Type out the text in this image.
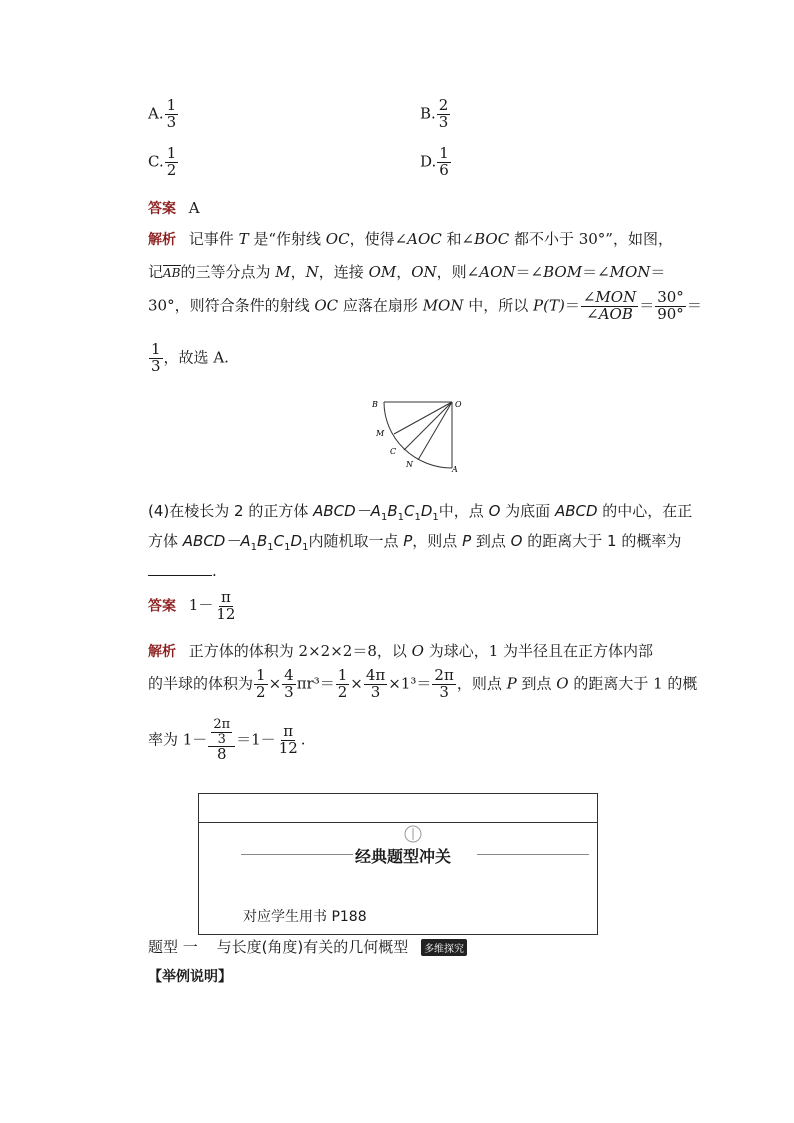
A. $\frac{1}{3}$	B. $\frac{2}{3}$
C. $\frac{1}{2}$	D. $\frac{1}{6}$
答案 A
解析 记事件 T 是“作射线 OC，使得∠AOC 和∠BOC 都不小于 30°”，如图，
记AB的三等分点为 M，N，连接 OM，ON，则∠AON＝∠BOM＝∠MON＝
30°，则符合条件的射线 OC 应落在扇形 MON 中，所以 $P(T)= \frac{\text{∠MON}}{\text{∠AOB}} = \frac{30^\circ}{90^\circ}$ ＝
$\frac{1}{3}$ ，故选 A.
B	O
M
C
N
A
(4)在棱长为 2 的正方体 $ABCD-A_1B_1C_1D_1$中，点 O 为底面 ABCD 的中心，在正
方体 $ABCD-A_1B_1C_1D_1$内随机取一点 P，则点 P 到点 O 的距离大于 1 的概率为
.
答案 $1- \frac{\pi}{12}$
解析 正方体的体积为 2×2×2＝8，以 O 为球心，1 为半径且在正方体内部
的半球的体积为 $\frac{1}{2} \times \frac{4}{3} \pi r^3= \frac{1}{2} \times \frac{4\pi}{3} \times 1^3= \frac{2\pi}{3}$ ，则点 P 到点 O 的距离大于 1 的概
率为 $1- \frac{\frac{2\pi}{3}}{8} =1- \frac{\pi}{12}$ .
经典题型冲关
对应学生用书 P188
题型 一 与长度(角度)有关的几何概型 多维探究
【举例说明】
